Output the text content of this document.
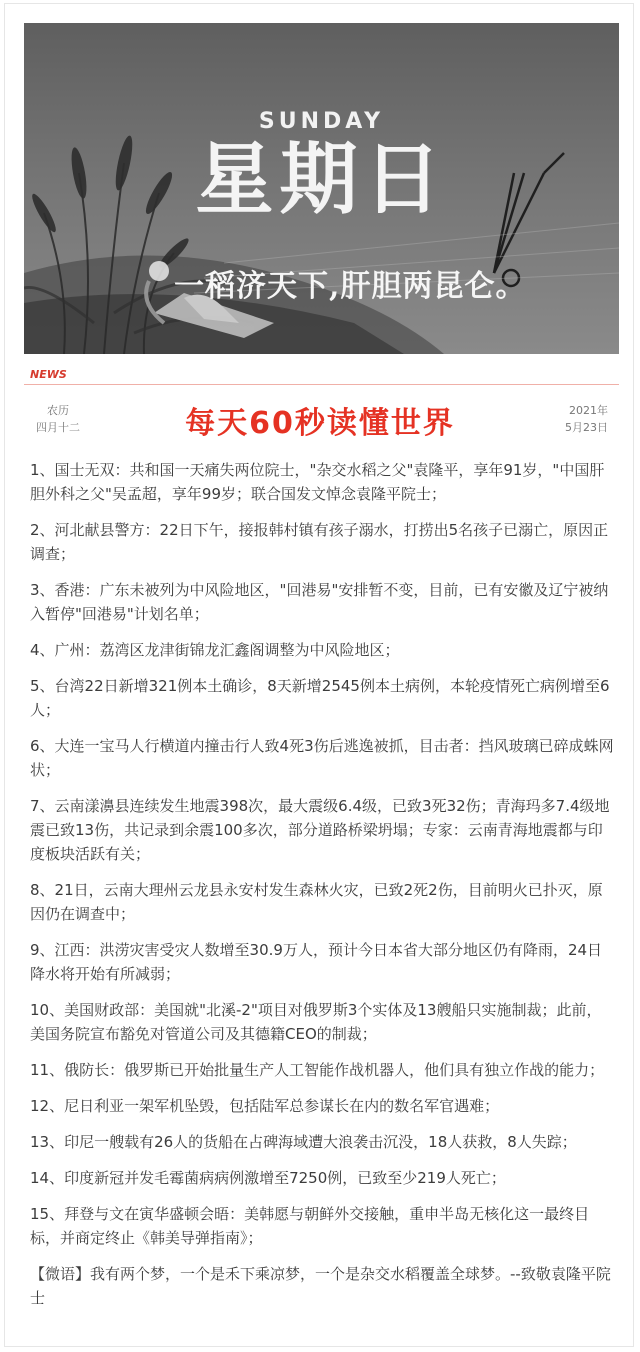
SUNDAY
星期日
一稻济天下,肝胆两昆仑。
NEWS
农历
四月十二	每天60秒读懂世界	2021年
5月23日
1、国士无双：共和国一天痛失两位院士，"杂交水稻之父"袁隆平，享年91岁，"中国肝胆外科之父"吴孟超，享年99岁；联合国发文悼念袁隆平院士；
2、河北献县警方：22日下午，接报韩村镇有孩子溺水，打捞出5名孩子已溺亡，原因正调查；
3、香港：广东未被列为中风险地区，"回港易"安排暂不变，目前，已有安徽及辽宁被纳入暂停"回港易"计划名单；
4、广州：荔湾区龙津街锦龙汇鑫阁调整为中风险地区；
5、台湾22日新增321例本土确诊，8天新增2545例本土病例，本轮疫情死亡病例增至6人；
6、大连一宝马人行横道内撞击行人致4死3伤后逃逸被抓，目击者：挡风玻璃已碎成蛛网状；
7、云南漾濞县连续发生地震398次，最大震级6.4级，已致3死32伤；青海玛多7.4级地震已致13伤，共记录到余震100多次，部分道路桥梁坍塌；专家：云南青海地震都与印度板块活跃有关；
8、21日，云南大理州云龙县永安村发生森林火灾，已致2死2伤，目前明火已扑灭，原因仍在调查中；
9、江西：洪涝灾害受灾人数增至30.9万人，预计今日本省大部分地区仍有降雨，24日降水将开始有所减弱；
10、美国财政部：美国就"北溪-2"项目对俄罗斯3个实体及13艘船只实施制裁；此前，美国务院宣布豁免对管道公司及其德籍CEO的制裁；
11、俄防长：俄罗斯已开始批量生产人工智能作战机器人，他们具有独立作战的能力；
12、尼日利亚一架军机坠毁，包括陆军总参谋长在内的数名军官遇难；
13、印尼一艘载有26人的货船在占碑海域遭大浪袭击沉没，18人获救，8人失踪；
14、印度新冠并发毛霉菌病病例激增至7250例，已致至少219人死亡；
15、拜登与文在寅华盛顿会晤：美韩愿与朝鲜外交接触，重申半岛无核化这一最终目标，并商定终止《韩美导弹指南》；
【微语】我有两个梦，一个是禾下乘凉梦，一个是杂交水稻覆盖全球梦。--致敬袁隆平院士
